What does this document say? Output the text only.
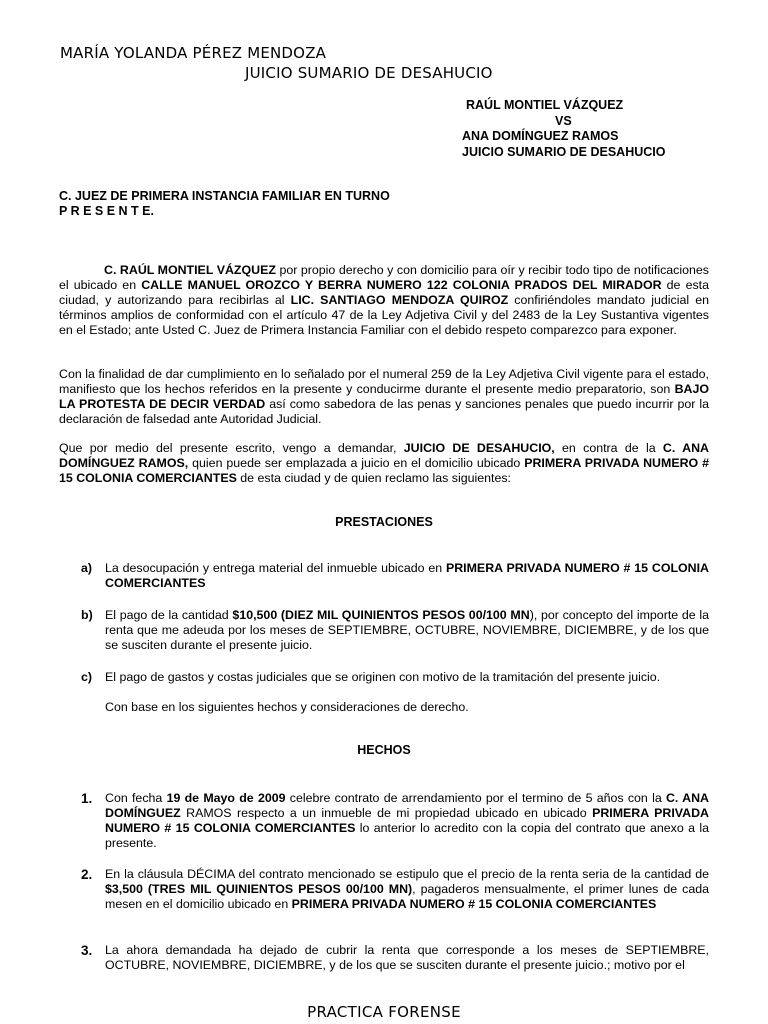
MARÍA YOLANDA PÉREZ MENDOZA
JUICIO SUMARIO DE DESAHUCIO
RAÚL MONTIEL VÁZQUEZ
VS
ANA DOMÍNGUEZ RAMOS
JUICIO SUMARIO DE DESAHUCIO
C. JUEZ DE PRIMERA INSTANCIA FAMILIAR EN TURNO
P R E S E N T E.
C. RAÚL MONTIEL VÁZQUEZ por propio derecho y con domicilio para oír y recibir todo tipo de notificaciones el ubicado en CALLE MANUEL OROZCO Y BERRA NUMERO 122 COLONIA PRADOS DEL MIRADOR de esta ciudad, y autorizando para recibirlas al LIC. SANTIAGO MENDOZA QUIROZ confiriéndoles mandato judicial en términos amplios de conformidad con el artículo 47 de la Ley Adjetiva Civil y del 2483 de la Ley Sustantiva vigentes en el Estado; ante Usted C. Juez de Primera Instancia Familiar con el debido respeto comparezco para exponer.
Con la finalidad de dar cumplimiento en lo señalado por el numeral 259 de la Ley Adjetiva Civil vigente para el estado, manifiesto que los hechos referidos en la presente y conducirme durante el presente medio preparatorio, son BAJO LA PROTESTA DE DECIR VERDAD así como sabedora de las penas y sanciones penales que puedo incurrir por la declaración de falsedad ante Autoridad Judicial.
Que por medio del presente escrito, vengo a demandar, JUICIO DE DESAHUCIO, en contra de la C. ANA DOMÍNGUEZ RAMOS, quien puede ser emplazada a juicio en el domicilio ubicado PRIMERA PRIVADA NUMERO # 15 COLONIA COMERCIANTES de esta ciudad y de quien reclamo las siguientes:
PRESTACIONES
a) La desocupación y entrega material del inmueble ubicado en PRIMERA PRIVADA NUMERO # 15 COLONIA COMERCIANTES
b) El pago de la cantidad $10,500 (DIEZ MIL QUINIENTOS PESOS 00/100 MN), por concepto del importe de la renta que me adeuda por los meses de SEPTIEMBRE, OCTUBRE, NOVIEMBRE, DICIEMBRE, y de los que se susciten durante el presente juicio.
c) El pago de gastos y costas judiciales que se originen con motivo de la tramitación del presente juicio.
Con base en los siguientes hechos y consideraciones de derecho.
HECHOS
1. Con fecha 19 de Mayo de 2009 celebre contrato de arrendamiento por el termino de 5 años con la C. ANA DOMÍNGUEZ RAMOS respecto a un inmueble de mi propiedad ubicado en ubicado PRIMERA PRIVADA NUMERO # 15 COLONIA COMERCIANTES lo anterior lo acredito con la copia del contrato que anexo a la presente.
2. En la cláusula DÉCIMA del contrato mencionado se estipulo que el precio de la renta seria de la cantidad de $3,500 (TRES MIL QUINIENTOS PESOS 00/100 MN), pagaderos mensualmente, el primer lunes de cada mesen en el domicilio ubicado en PRIMERA PRIVADA NUMERO # 15 COLONIA COMERCIANTES
3. La ahora demandada ha dejado de cubrir la renta que corresponde a los meses de SEPTIEMBRE, OCTUBRE, NOVIEMBRE, DICIEMBRE, y de los que se susciten durante el presente juicio.; motivo por el
PRACTICA FORENSE
